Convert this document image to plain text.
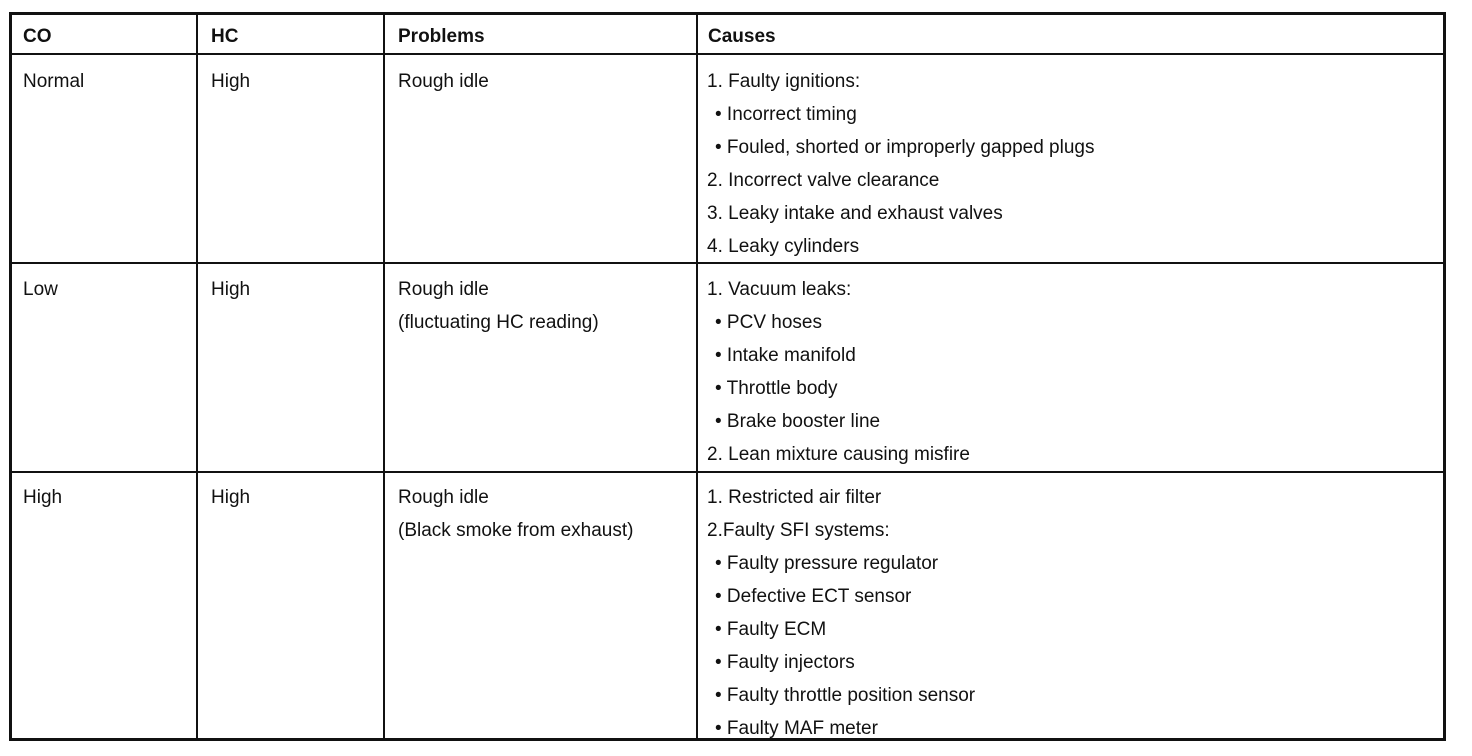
CO	HC	Problems	Causes
Normal	High	Rough idle	1. Faulty ignitions:
• Incorrect timing
• Fouled, shorted or improperly gapped plugs
2. Incorrect valve clearance
3. Leaky intake and exhaust valves
4. Leaky cylinders
Low	High	Rough idle
(fluctuating HC reading)
1. Vacuum leaks:
• PCV hoses
• Intake manifold
• Throttle body
• Brake booster line
2. Lean mixture causing misfire
High	High	Rough idle
(Black smoke from exhaust)
1. Restricted air filter
2.Faulty SFI systems:
• Faulty pressure regulator
• Defective ECT sensor
• Faulty ECM
• Faulty injectors
• Faulty throttle position sensor
• Faulty MAF meter
